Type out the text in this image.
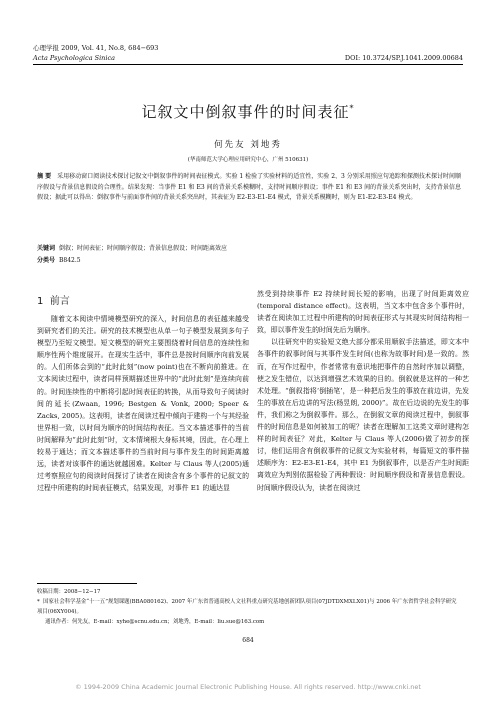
心理学报 2009, Vol. 41, No.8, 684−693
Acta Psychologica Sinica	DOI: 10.3724/SP.J.1041.2009.00684
记叙文中倒叙事件的时间表征*
何先友 刘地秀
(华南师范大学心理应用研究中心，广州 510631)
摘 要 采用移动窗口阅读技术探讨记叙文中倒叙事件的时间表征模式。实验 1 检验了实验材料的适宜性，实验 2、3 分别采用照应句追踪和探测技术探讨时间顺序假设与背景信息假设的合理性。结果发现：当事件 E1 和 E3 间的背景关系模糊时，支持时间顺序假设；事件 E1 和 E3 间的背景关系突出时，支持背景信息假设；据此可以得出：倒叙事件与前面事件间的背景关系突出时，其表征为 E2-E3-E1-E4 模式，背景关系模糊时，则为 E1-E2-E3-E4 模式。
关键词 倒叙；时间表征；时间顺序假设；背景信息假设；时间距离效应
分类号 B842.5
1 前言

随着文本阅读中情境模型研究的深入，时间信息的表征越来越受到研究者们的关注。研究的技术模型也从单一句子模型发展到多句子模型乃至短文模型。短文模型的研究主要围绕着时间信息的连续性和顺序性两个维度展开。在现实生活中，事件总是按时间顺序向前发展的。人们所体会到的“此时此刻”(now point)也在不断向前推进。在文本阅读过程中，读者同样预期描述世界中的“此时此刻”是连续向前的。时间连续性的中断将引起时间表征的转换，从而导致句子阅读时间的延长(Zwaan, 1996; Bestgen & Vonk, 2000; Speer & Zacks, 2005)。这表明，读者在阅读过程中倾向于建构一个与其经验世界相一致，以时间为顺序的时间结构表征。当文本描述事件的当前时间解释为“此时此刻”时，文本情境根大身标其境，因此，在心理上较易于通达；而文本描述事件的当前时间与事件发生的时间距离越远，读者对该事件的通达就越困难。Kelter 与 Claus 等人(2005)通过考察照应句的阅读时间探讨了读者在阅读含有多个事件的记叙文的过程中所建构的时间表征模式，结果发现，对事件 E1 的通达显

然受到持续事件 E2 持续时间长短的影响，出现了时间距离效应(temporal distance effect)。这表明，当文本中包含多个事件时，读者在阅读加工过程中所建构的时间表征形式与其现实时间结构相一致，即以事件发生的时间先后为顺序。

以往研究中的实验短文绝大部分都采用顺叙手法描述，即文本中各事件的叙事时间与其事件发生时间(也称为故事时间)是一致的。然而，在写作过程中，作者常常有意识地把事件的自然时序加以调整，使之发生错位，以达到增强艺术效果的目的。倒叙就是这样的一种艺术处理。“倒叙指将‘倒插笔’，是一种把后发生的事放在前边讲，先发生的事放在后边讲的写法(杨昱朗, 2000)”。故在后边说的先发生的事件，我们称之为倒叙事件。那么，在倒叙文章的阅读过程中，倒叙事件的时间信息是如何被加工的呢？读者在理解加工这类文章时建构怎样的时间表征？对此，Kelter 与 Claus 等人(2006)做了初步的探讨，他们运用含有倒叙事件的记叙文为实验材料，每篇短文的事件描述顺序为：E2-E3-E1-E4，其中 E1 为倒叙事件，以是否产生时间距离效应为判别依据检验了两种假设：时间顺序假设和背景信息假设。时间顺序假设认为，读者在阅读过

收稿日期：2008−12−17
* 国家社会科学基金“十一五”规划课题(BBA080162)、2007 年广东省普通高校人文社科重点研究基地创新团队项目(07JDTDXMXLX01)与 2006 年广东省哲学社会科学研究项目(06XY004)。
通讯作者：何先友，E-mail：xyhe@scnu.edu.cn；刘地秀，E-mail：liu.sue@163.com
684
© 1994-2009 China Academic Journal Electronic Publishing House. All rights reserved. http://www.cnki.net
